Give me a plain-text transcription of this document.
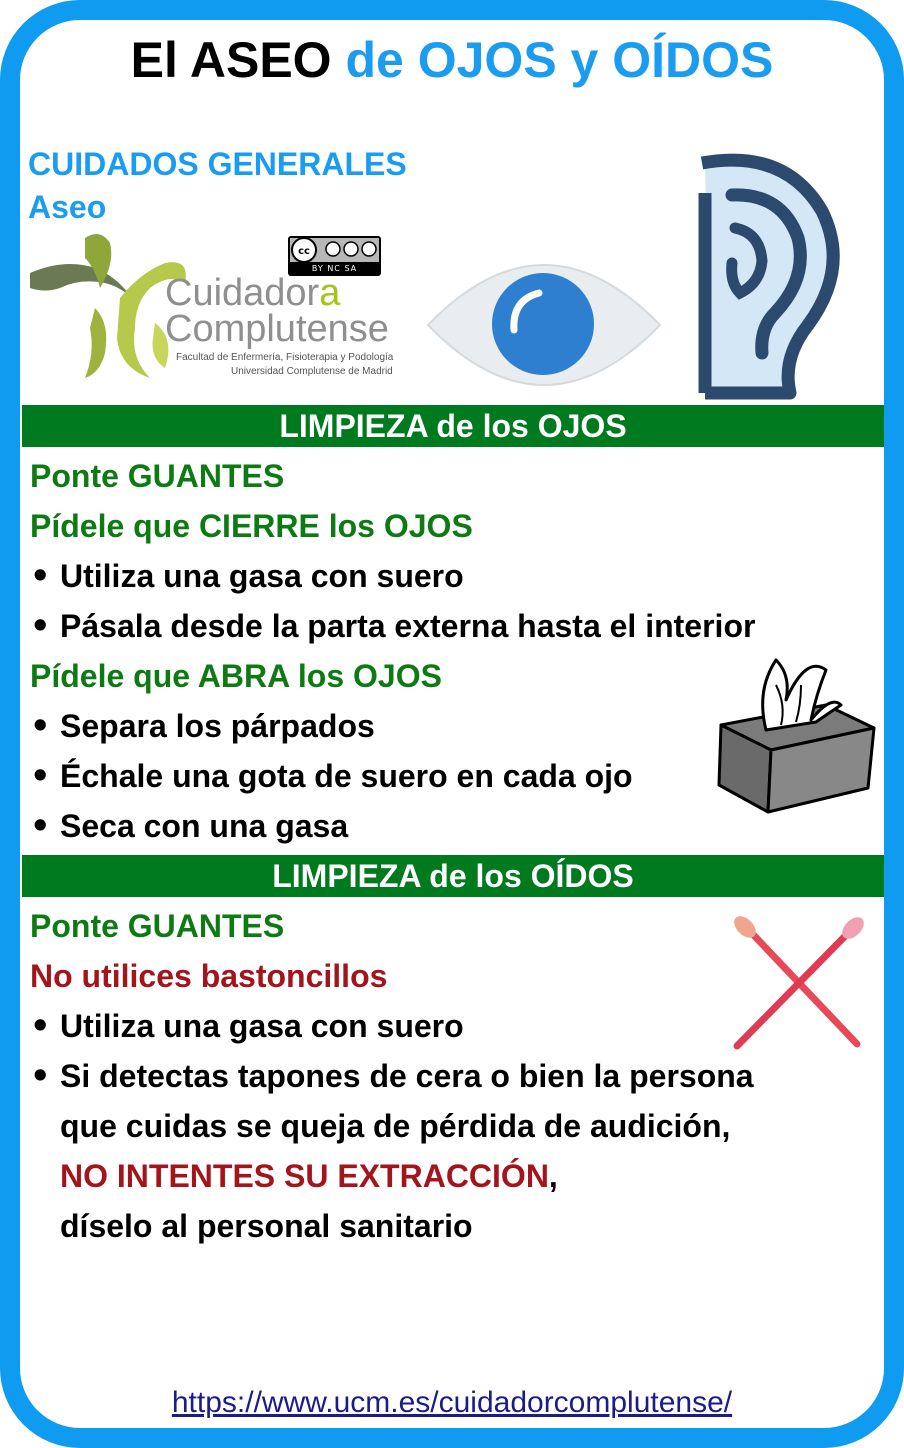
El ASEO de OJOS y OÍDOS
CUIDADOS GENERALES
Aseo
cc
BY NC SA
Cuidadora
Complutense
Facultad de Enfermería, Fisioterapia y Podología
Universidad Complutense de Madrid
LIMPIEZA de los OJOS
Ponte GUANTES
Pídele que CIERRE los OJOS
• Utiliza una gasa con suero
• Pásala desde la parta externa hasta el interior
Pídele que ABRA los OJOS
• Separa los párpados
• Échale una gota de suero en cada ojo
• Seca con una gasa
LIMPIEZA de los OÍDOS
Ponte GUANTES
No utilices bastoncillos
• Utiliza una gasa con suero
• Si detectas tapones de cera o bien la persona
que cuidas se queja de pérdida de audición,
NO INTENTES SU EXTRACCIÓN,
díselo al personal sanitario
https://www.ucm.es/cuidadorcomplutense/
